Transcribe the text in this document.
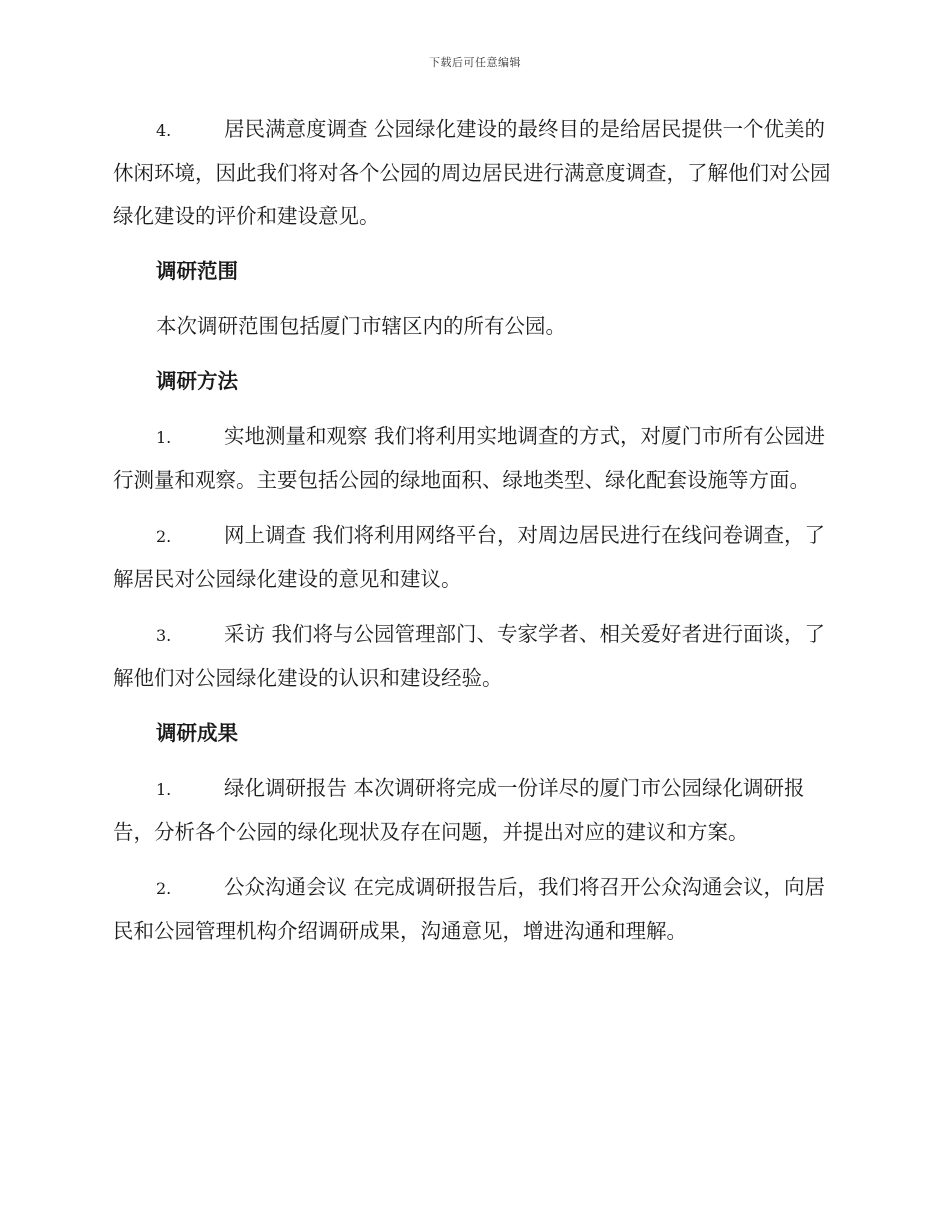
下载后可任意编辑

4.	居民满意度调查 公园绿化建设的最终目的是给居民提供一个优美的休闲环境，因此我们将对各个公园的周边居民进行满意度调查，了解他们对公园绿化建设的评价和建设意见。

调研范围

本次调研范围包括厦门市辖区内的所有公园。

调研方法

1.	实地测量和观察 我们将利用实地调查的方式，对厦门市所有公园进行测量和观察。主要包括公园的绿地面积、绿地类型、绿化配套设施等方面。

2.	网上调查 我们将利用网络平台，对周边居民进行在线问卷调查，了解居民对公园绿化建设的意见和建议。

3.	采访 我们将与公园管理部门、专家学者、相关爱好者进行面谈，了解他们对公园绿化建设的认识和建设经验。

调研成果

1.	绿化调研报告 本次调研将完成一份详尽的厦门市公园绿化调研报告，分析各个公园的绿化现状及存在问题，并提出对应的建议和方案。

2.	公众沟通会议 在完成调研报告后，我们将召开公众沟通会议，向居民和公园管理机构介绍调研成果，沟通意见，增进沟通和理解。
